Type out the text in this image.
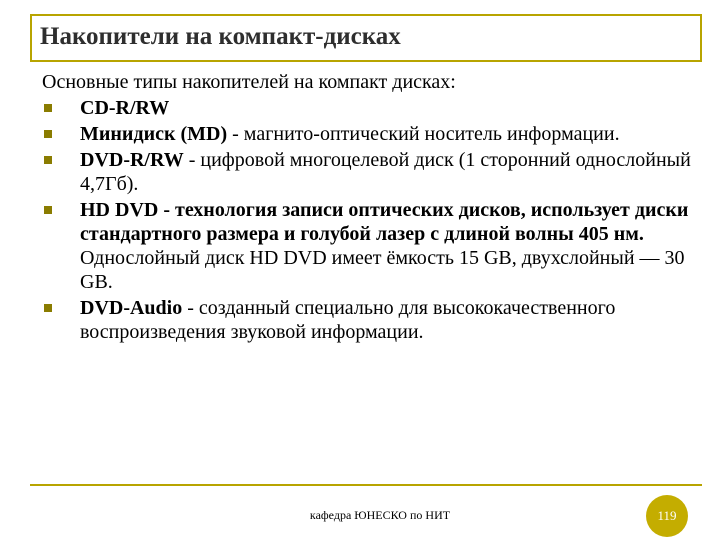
Накопители на компакт-дисках

Основные типы накопителей на компакт дисках:

CD-R/RW
Минидиск (MD) - магнито-оптический носитель информации.
DVD-R/RW - цифровой многоцелевой диск (1 сторонний однослойный 4,7Гб).
HD DVD - технология записи оптических дисков, использует диски стандартного размера и голубой лазер с длиной волны 405 нм. Однослойный диск HD DVD имеет ёмкость 15 GB, двухслойный — 30 GB.
DVD-Audio - созданный специально для высококачественного воспроизведения звуковой информации.
кафедра ЮНЕСКО по НИТ	119
